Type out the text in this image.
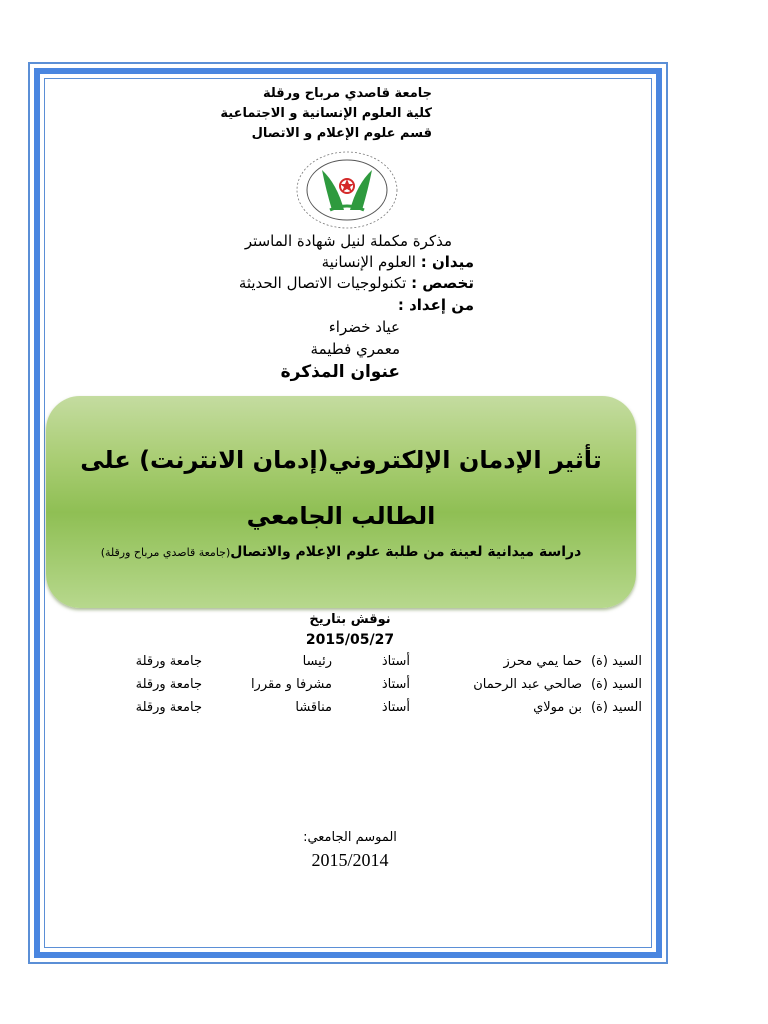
جامعة قاصدي مرباح ورقلة
كلية العلوم الإنسانية و الاجتماعية
قسم علوم الإعلام و الاتصال
مذكرة مكملة لنيل شهادة الماستر
ميدان : العلوم الإنسانية
تخصص : تكنولوجيات الاتصال الحديثة
من إعداد :
عياد خضراء
معمري فطيمة
عنوان المذكرة
تأثير الإدمان الإلكتروني(إدمان الانترنت) على الطالب الجامعي
دراسة ميدانية لعينة من طلبة علوم الإعلام والاتصال(جامعة قاصدي مرباح ورقلة)
نوقش بتاريخ
2015/05/27
السيد (ة)
حما يمي محرز
أستاذ
رئيسا
جامعة ورقلة
السيد (ة)
صالحي عبد الرحمان
أستاذ
مشرفا و مقررا
جامعة ورقلة
السيد (ة)
بن مولاي
أستاذ
مناقشا
جامعة ورقلة
الموسم الجامعي:
2015/2014
